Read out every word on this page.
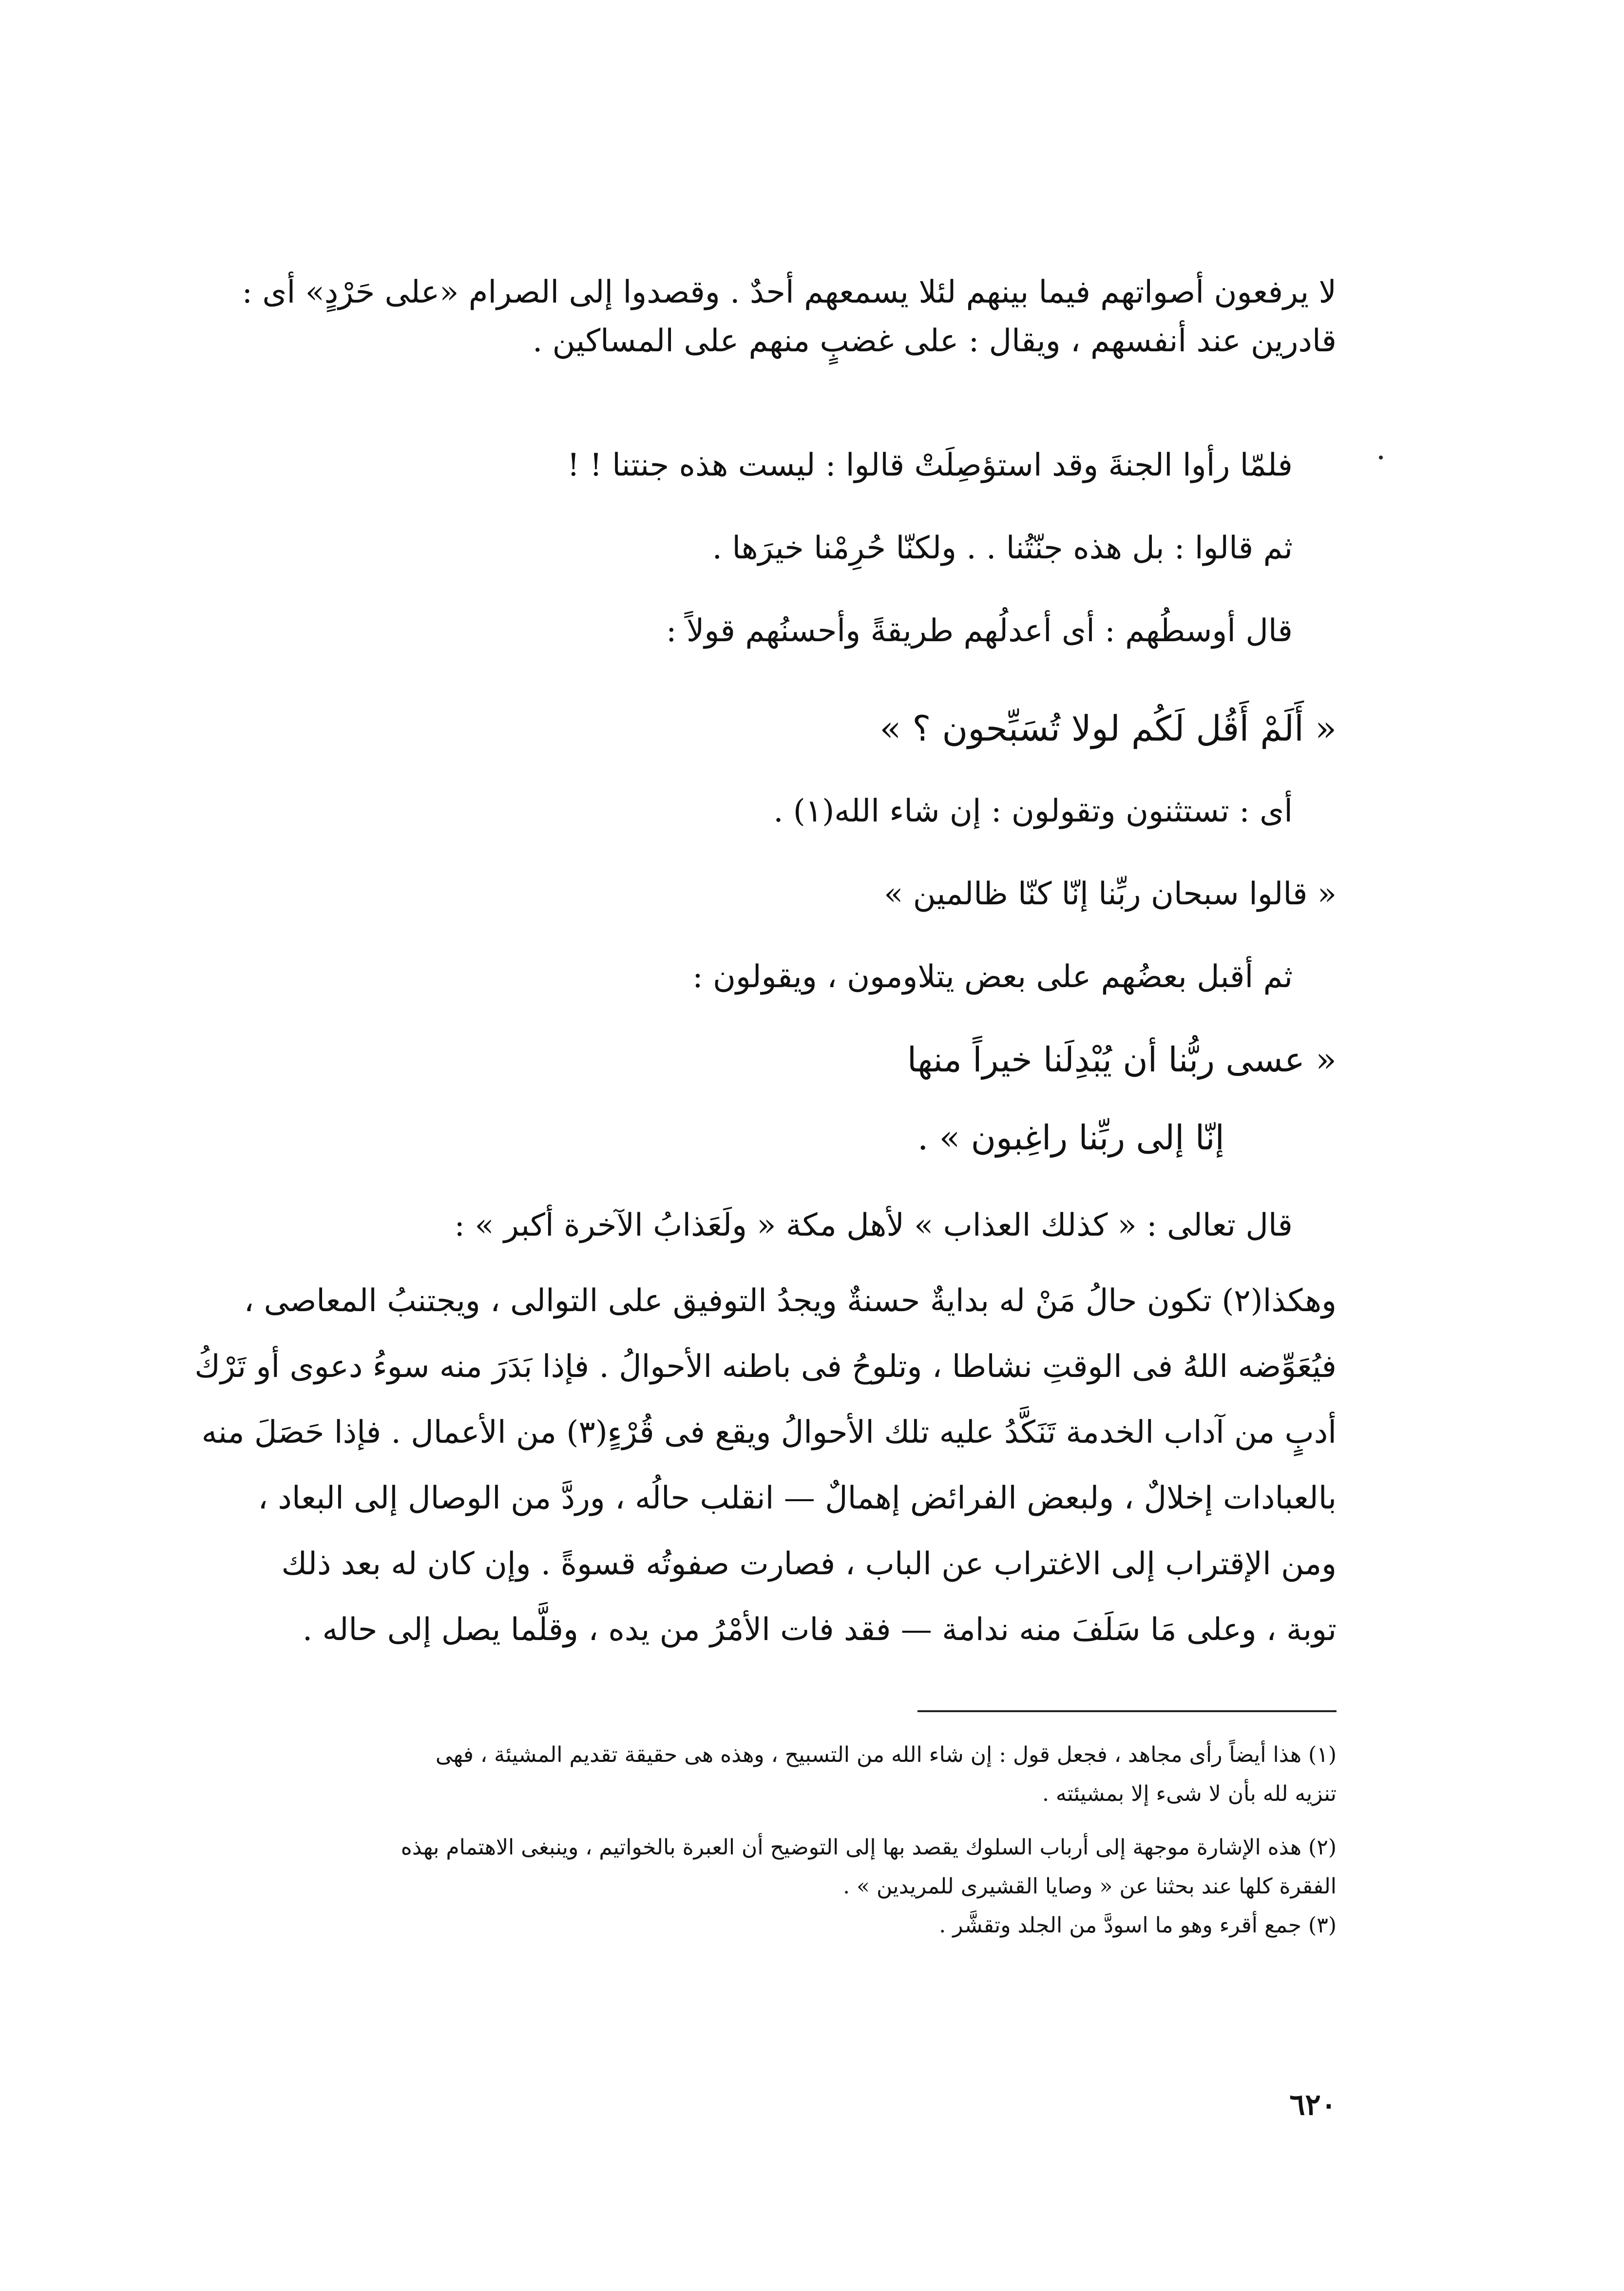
لا يرفعون أصواتهم فيما بينهم لئلا يسمعهم أحدٌ . وقصدوا إلى الصرام «على حَرْدٍ» أى :
قادرين عند أنفسهم ، ويقال : على غضبٍ منهم على المساكين .
فلمّا رأوا الجنةَ وقد استؤصِلَتْ قالوا : ليست هذه جنتنا ! !
ثم قالوا : بل هذه جنّتُنا . . ولكنّا حُرِمْنا خيرَها .
قال أوسطُهم : أى أعدلُهم طريقةً وأحسنُهم قولاً :
« أَلَمْ أَقُل لَكُم لولا تُسَبِّحون ؟ »
أى : تستثنون وتقولون : إن شاء الله(١) .
« قالوا سبحان ربِّنا إنّا كنّا ظالمين »
ثم أقبل بعضُهم على بعض يتلاومون ، ويقولون :
« عسى ربُّنا أن يُبْدِلَنا خيراً منها
إنّا إلى ربِّنا راغِبون » .
قال تعالى : « كذلك العذاب » لأهل مكة « ولَعَذابُ الآخرة أكبر » :
وهكذا(٢) تكون حالُ مَنْ له بدايةٌ حسنةٌ ويجدُ التوفيق على التوالى ، ويجتنبُ المعاصى ،
فيُعَوِّضه اللهُ فى الوقتِ نشاطا ، وتلوحُ فى باطنه الأحوالُ . فإذا بَدَرَ منه سوءُ دعوى أو تَرْكُ
أدبٍ من آداب الخدمة تَنَكَّدُ عليه تلك الأحوالُ ويقع فى قُرْءٍ(٣) من الأعمال . فإذا حَصَلَ منه
بالعبادات إخلالٌ ، ولبعض الفرائض إهمالٌ — انقلب حالُه ، وردَّ من الوصال إلى البعاد ،
ومن الإقتراب إلى الاغتراب عن الباب ، فصارت صفوتُه قسوةً . وإن كان له بعد ذلك
توبة ، وعلى مَا سَلَفَ منه ندامة — فقد فات الأمْرُ من يده ، وقلَّما يصل إلى حاله .
(١) هذا أيضاً رأى مجاهد ، فجعل قول : إن شاء الله من التسبيح ، وهذه هى حقيقة تقديم المشيئة ، فهى
تنزيه لله بأن لا شىء إلا بمشيئته .
(٢) هذه الإشارة موجهة إلى أرباب السلوك يقصد بها إلى التوضيح أن العبرة بالخواتيم ، وينبغى الاهتمام بهذه
الفقرة كلها عند بحثنا عن « وصايا القشيرى للمريدين » .
(٣) جمع أقرء وهو ما اسودَّ من الجلد وتقشَّر .
٦٢٠
